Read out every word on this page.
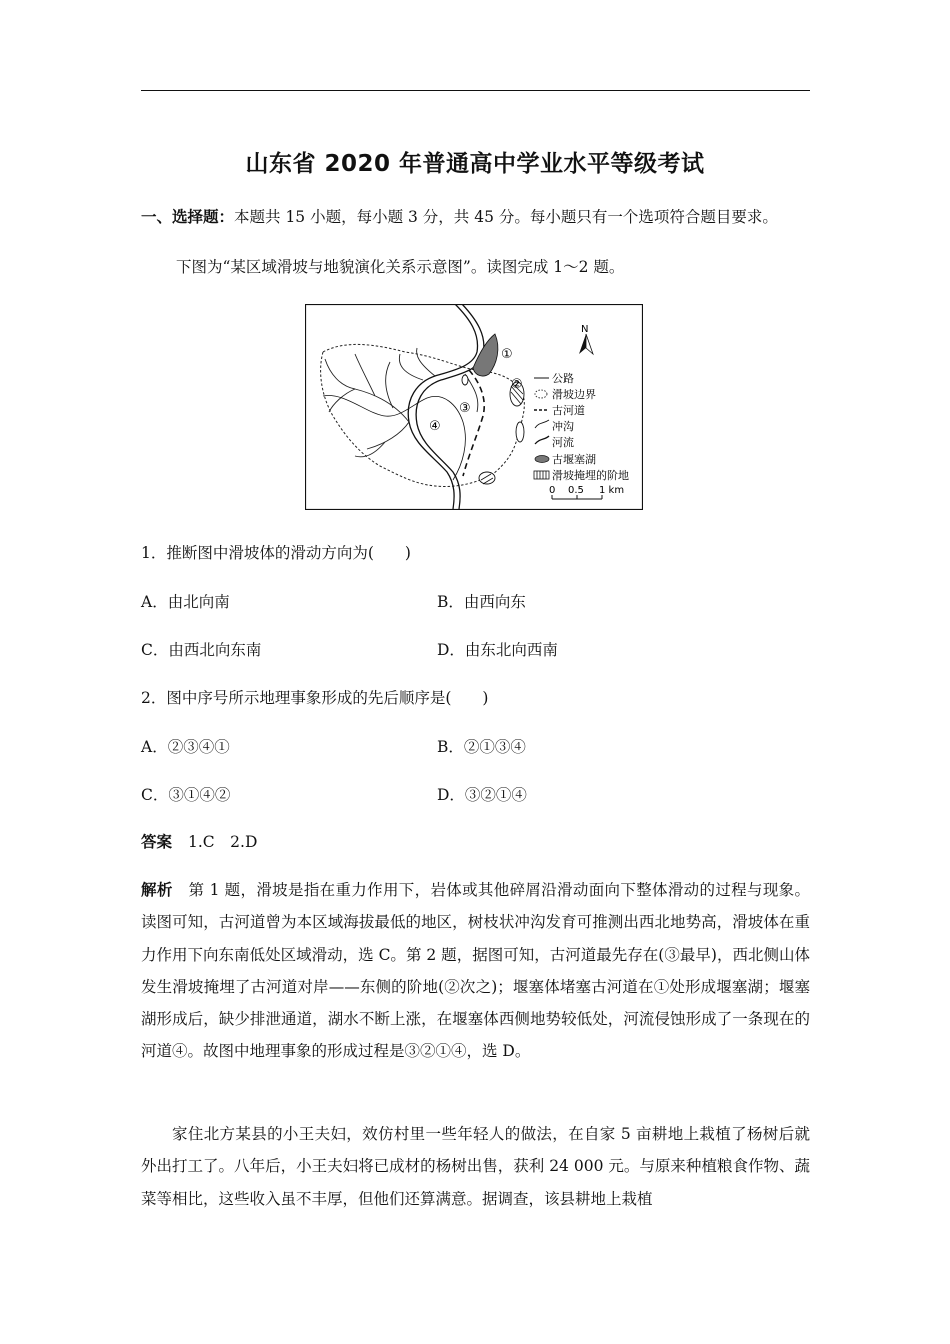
山东省 2020 年普通高中学业水平等级考试
一、选择题：本题共 15 小题，每小题 3 分，共 45 分。每小题只有一个选项符合题目要求。
下图为“某区域滑坡与地貌演化关系示意图”。读图完成 1～2 题。
①
②
③
④
N
公路
滑坡边界
古河道
冲沟
河流
古堰塞湖
滑坡掩埋的阶地
0 0.5 1 km
1．推断图中滑坡体的滑动方向为(　　)
A．由北向南	B．由西向东
C．由西北向东南	D．由东北向西南
2．图中序号所示地理事象形成的先后顺序是(　　)
A．②③④①	B．②①③④
C．③①④②	D．③②①④
答案 1.C　2.D
解析　 第 1 题，滑坡是指在重力作用下，岩体或其他碎屑沿滑动面向下整体滑动的过程与现象。读图可知，古河道曾为本区域海拔最低的地区，树枝状冲沟发育可推测出西北地势高，滑坡体在重力作用下向东南低处区域滑动，选 C。第 2 题，据图可知，古河道最先存在(③最早)，西北侧山体发生滑坡掩埋了古河道对岸——东侧的阶地(②次之)；堰塞体堵塞古河道在①处形成堰塞湖；堰塞湖形成后，缺少排泄通道，湖水不断上涨，在堰塞体西侧地势较低处，河流侵蚀形成了一条现在的河道④。故图中地理事象的形成过程是③②①④，选 D。
家住北方某县的小王夫妇，效仿村里一些年轻人的做法，在自家 5 亩耕地上栽植了杨树后就外出打工了。八年后，小王夫妇将已成材的杨树出售，获利 24 000 元。与原来种植粮食作物、蔬菜等相比，这些收入虽不丰厚，但他们还算满意。据调查，该县耕地上栽植
